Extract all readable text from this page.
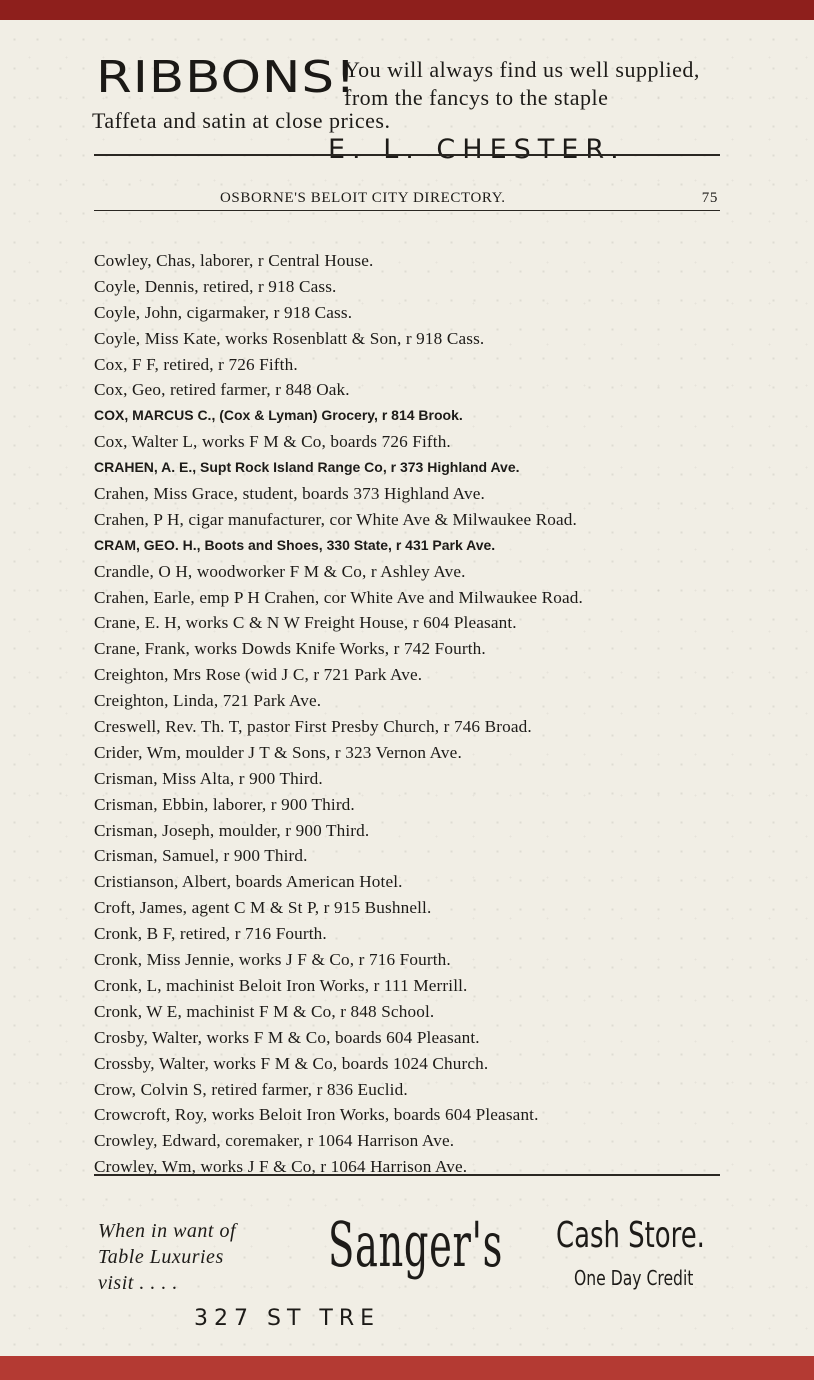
RIBBONS!
You will always find us well supplied, from the fancys to the staple
Taffeta and satin at close prices.
E. L. CHESTER.
OSBORNE'S BELOIT CITY DIRECTORY.	75
Cowley, Chas, laborer, r Central House.
Coyle, Dennis, retired, r 918 Cass.
Coyle, John, cigarmaker, r 918 Cass.
Coyle, Miss Kate, works Rosenblatt & Son, r 918 Cass.
Cox, F F, retired, r 726 Fifth.
Cox, Geo, retired farmer, r 848 Oak.
COX, MARCUS C., (Cox & Lyman) Grocery, r 814 Brook.
Cox, Walter L, works F M & Co, boards 726 Fifth.
CRAHEN, A. E., Supt Rock Island Range Co, r 373 Highland Ave.
Crahen, Miss Grace, student, boards 373 Highland Ave.
Crahen, P H, cigar manufacturer, cor White Ave & Milwaukee Road.
CRAM, GEO. H., Boots and Shoes, 330 State, r 431 Park Ave.
Crandle, O H, woodworker F M & Co, r Ashley Ave.
Crahen, Earle, emp P H Crahen, cor White Ave and Milwaukee Road.
Crane, E. H, works C & N W Freight House, r 604 Pleasant.
Crane, Frank, works Dowds Knife Works, r 742 Fourth.
Creighton, Mrs Rose (wid J C, r 721 Park Ave.
Creighton, Linda, 721 Park Ave.
Creswell, Rev. Th. T, pastor First Presby Church, r 746 Broad.
Crider, Wm, moulder J T & Sons, r 323 Vernon Ave.
Crisman, Miss Alta, r 900 Third.
Crisman, Ebbin, laborer, r 900 Third.
Crisman, Joseph, moulder, r 900 Third.
Crisman, Samuel, r 900 Third.
Cristianson, Albert, boards American Hotel.
Croft, James, agent C M & St P, r 915 Bushnell.
Cronk, B F, retired, r 716 Fourth.
Cronk, Miss Jennie, works J F & Co, r 716 Fourth.
Cronk, L, machinist Beloit Iron Works, r 111 Merrill.
Cronk, W E, machinist F M & Co, r 848 School.
Crosby, Walter, works F M & Co, boards 604 Pleasant.
Crossby, Walter, works F M & Co, boards 1024 Church.
Crow, Colvin S, retired farmer, r 836 Euclid.
Crowcroft, Roy, works Beloit Iron Works, boards 604 Pleasant.
Crowley, Edward, coremaker, r 1064 Harrison Ave.
Crowley, Wm, works J F & Co, r 1064 Harrison Ave.
When in want of
Table Luxuries
visit . . . .
Sanger's Cash Store.
One Day Credit
327 ST TRE
